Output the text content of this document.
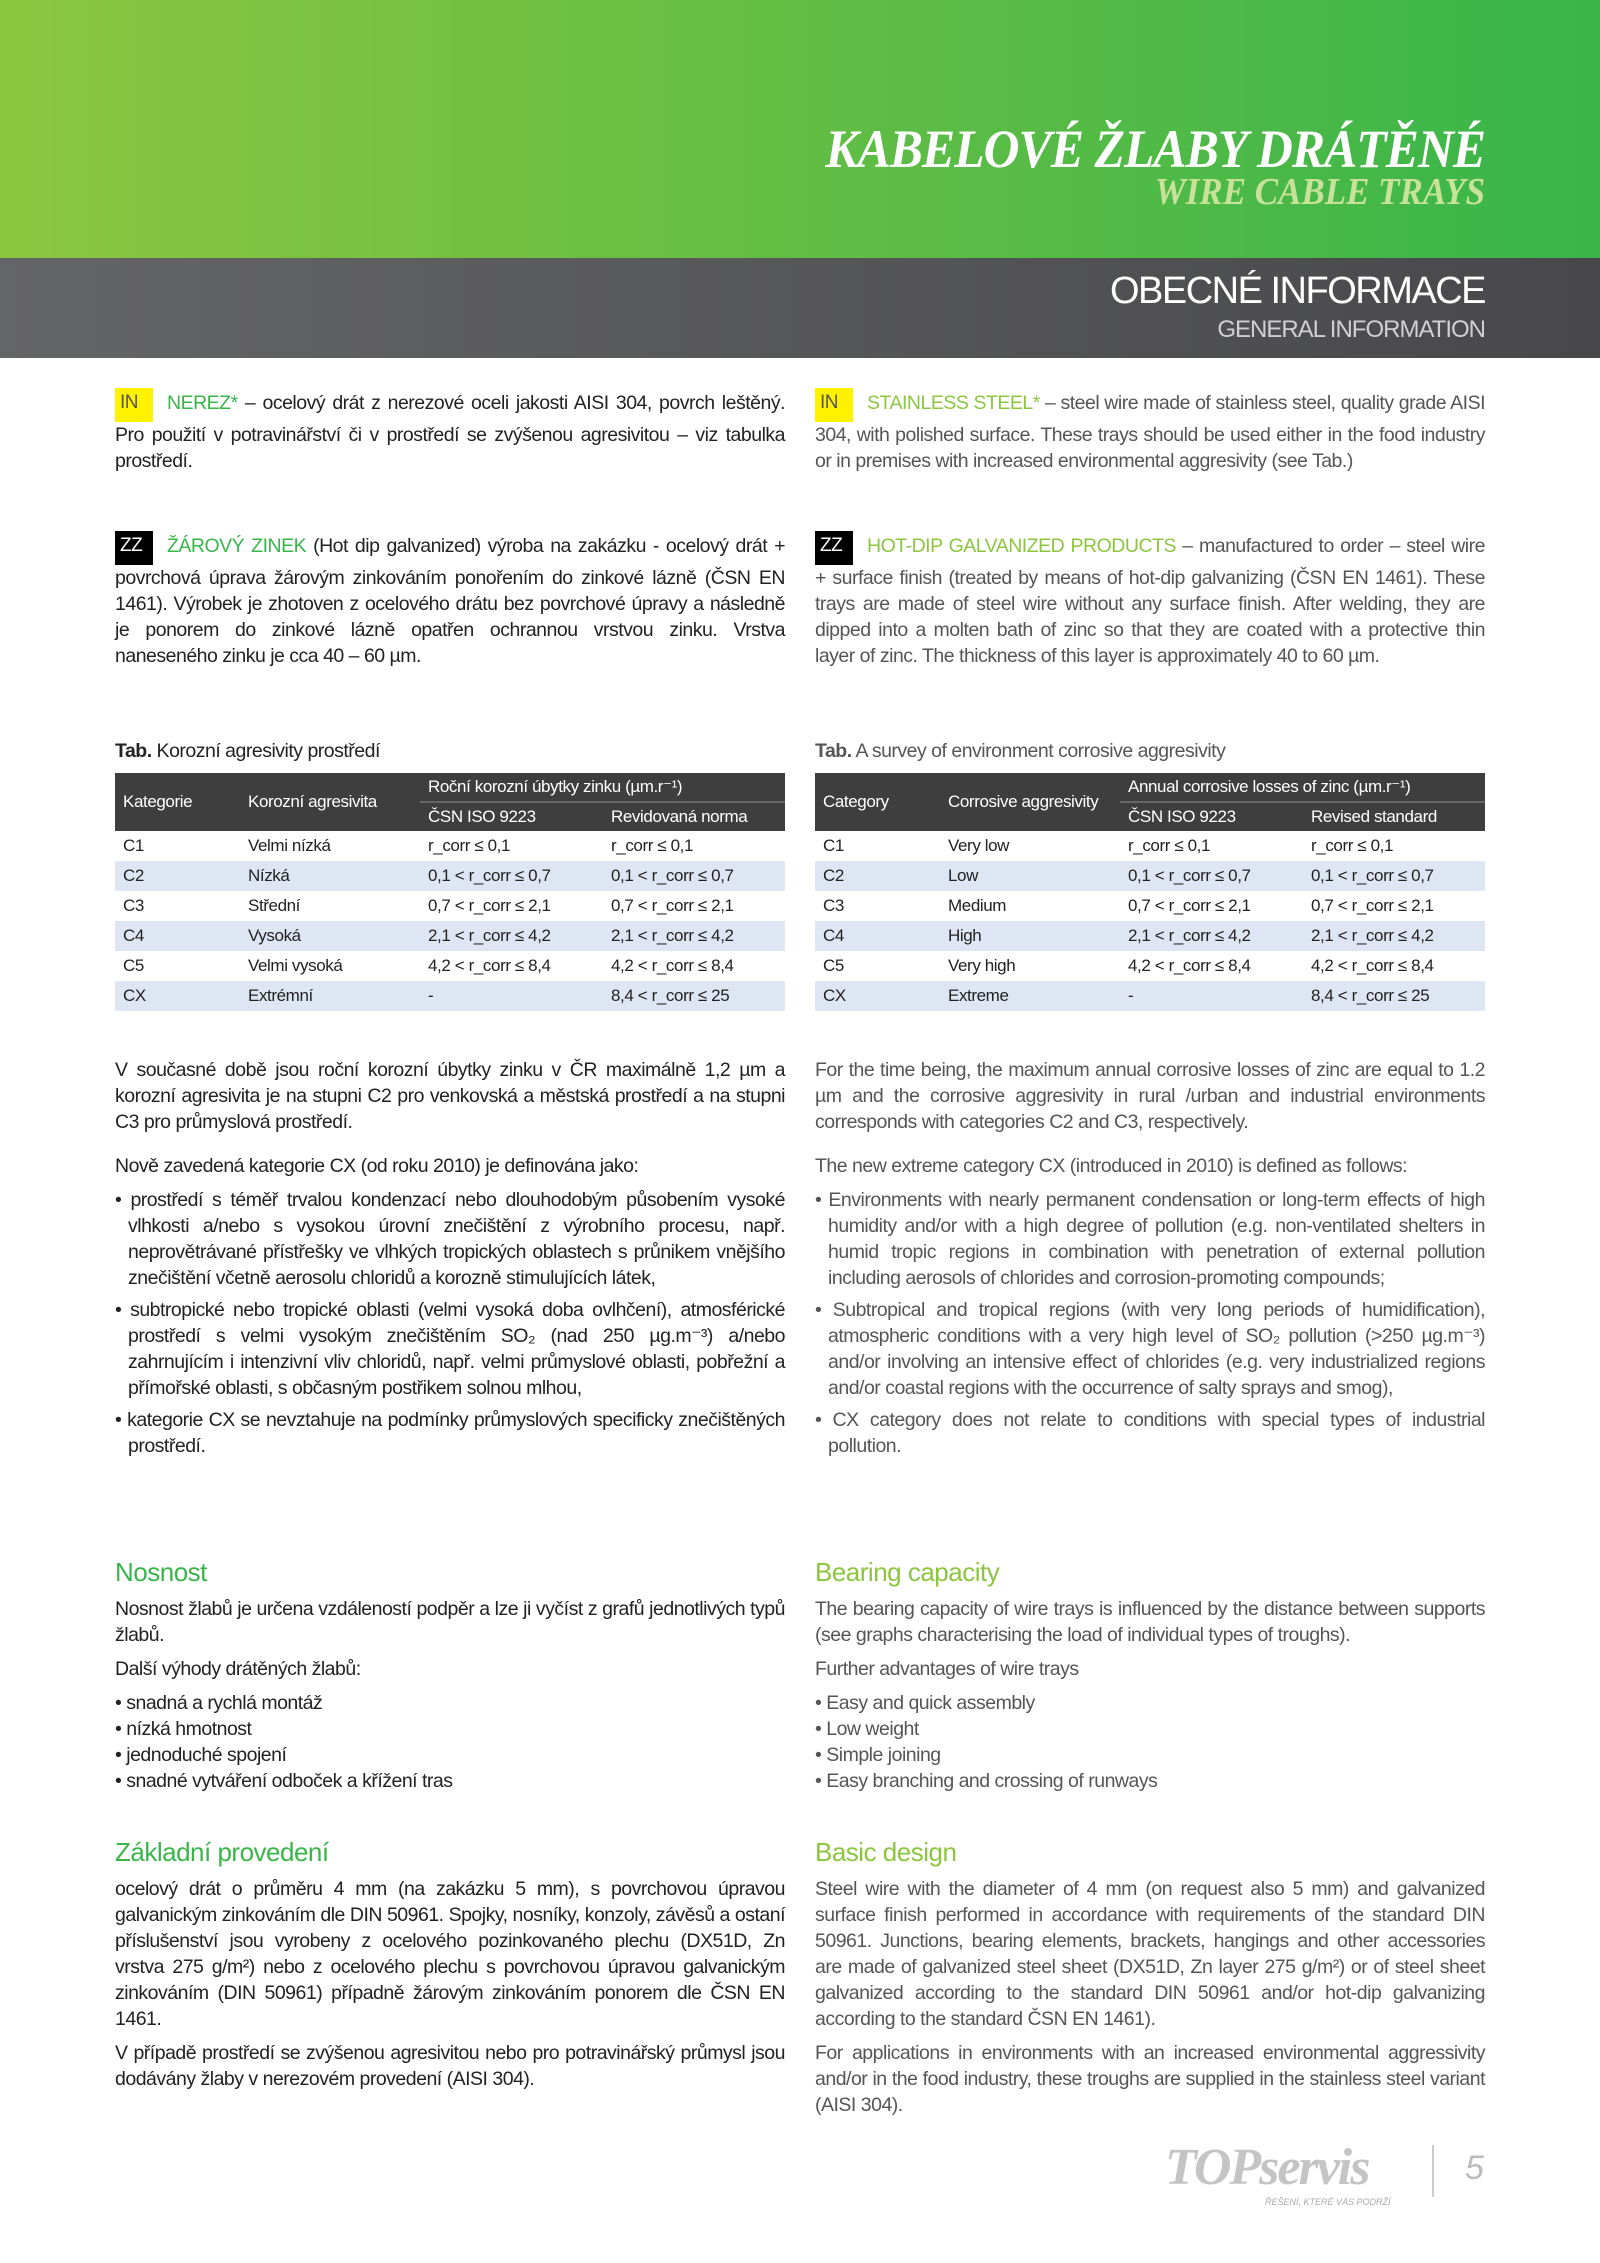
KABELOVÉ ŽLABY DRÁTĚNÉ
WIRE CABLE TRAYS
OBECNÉ INFORMACE
GENERAL INFORMATION
IN NEREZ* – ocelový drát z nerezové oceli jakosti AISI 304, povrch leštěný. Pro použití v potravinářství či v prostředí se zvýšenou agresivitou – viz tabulka prostředí.
ZZ ŽÁROVÝ ZINEK (Hot dip galvanized) výroba na zakázku - ocelový drát + povrchová úprava žárovým zinkováním ponořením do zinkové lázně (ČSN EN 1461). Výrobek je zhotoven z ocelového drátu bez povrchové úpravy a následně je ponorem do zinkové lázně opatřen ochrannou vrstvou zinku. Vrstva naneseného zinku je cca 40 – 60 µm.
Tab. Korozní agresivity prostředí
Kategorie	Korozní agresivita	Roční korozní úbytky zinku (µm.r⁻¹)	
		ČSN ISO 9223	Revidovaná norma
C1	Velmi nízká	r_corr ≤ 0,1	r_corr ≤ 0,1
C2	Nízká	0,1 < r_corr ≤ 0,7	0,1 < r_corr ≤ 0,7
C3	Střední	0,7 < r_corr ≤ 2,1	0,7 < r_corr ≤ 2,1
C4	Vysoká	2,1 < r_corr ≤ 4,2	2,1 < r_corr ≤ 4,2
C5	Velmi vysoká	4,2 < r_corr ≤ 8,4	4,2 < r_corr ≤ 8,4
CX	Extrémní	-	8,4 < r_corr ≤ 25

V současné době jsou roční korozní úbytky zinku v ČR maximálně 1,2 µm a korozní agresivita je na stupni C2 pro venkovská a městská prostředí a na stupni C3 pro průmyslová prostředí.

Nově zavedená kategorie CX (od roku 2010) je definována jako:

• prostředí s téměř trvalou kondenzací nebo dlouhodobým působením vysoké vlhkosti a/nebo s vysokou úrovní znečištění z výrobního procesu, např. neprovětrávané přístřešky ve vlhkých tropických oblastech s průnikem vnějšího znečištění včetně aerosolu chloridů a korozně stimulujících látek,
• subtropické nebo tropické oblasti (velmi vysoká doba ovlhčení), atmosférické prostředí s velmi vysokým znečištěním SO₂ (nad 250 µg.m⁻³) a/nebo zahrnujícím i intenzivní vliv chloridů, např. velmi průmyslové oblasti, pobřežní a přímořské oblasti, s občasným postřikem solnou mlhou,
• kategorie CX se nevztahuje na podmínky průmyslových specificky znečištěných prostředí.
Nosnost

Nosnost žlabů je určena vzdáleností podpěr a lze ji vyčíst z grafů jednotlivých typů žlabů.

Další výhody drátěných žlabů:

• snadná a rychlá montáž
• nízká hmotnost
• jednoduché spojení
• snadné vytváření odboček a křížení tras
Základní provedení

ocelový drát o průměru 4 mm (na zakázku 5 mm), s povrchovou úpravou galvanickým zinkováním dle DIN 50961. Spojky, nosníky, konzoly, závěsů a ostaní příslušenství jsou vyrobeny z ocelového pozinkovaného plechu (DX51D, Zn vrstva 275 g/m²) nebo z ocelového plechu s povrchovou úpravou galvanickým zinkováním (DIN 50961) případně žárovým zinkováním ponorem dle ČSN EN 1461.

V případě prostředí se zvýšenou agresivitou nebo pro potravinářský průmysl jsou dodávány žlaby v nerezovém provedení (AISI 304).

IN STAINLESS STEEL* – steel wire made of stainless steel, quality grade AISI 304, with polished surface. These trays should be used either in the food industry or in premises with increased environmental aggresivity (see Tab.)
ZZ HOT-DIP GALVANIZED PRODUCTS – manufactured to order – steel wire + surface finish (treated by means of hot-dip galvanizing (ČSN EN 1461). These trays are made of steel wire without any surface finish. After welding, they are dipped into a molten bath of zinc so that they are coated with a protective thin layer of zinc. The thickness of this layer is approximately 40 to 60 µm.
Tab. A survey of environment corrosive aggresivity
Category	Corrosive aggresivity	Annual corrosive losses of zinc (µm.r⁻¹)	
		ČSN ISO 9223	Revised standard
C1	Very low	r_corr ≤ 0,1	r_corr ≤ 0,1
C2	Low	0,1 < r_corr ≤ 0,7	0,1 < r_corr ≤ 0,7
C3	Medium	0,7 < r_corr ≤ 2,1	0,7 < r_corr ≤ 2,1
C4	High	2,1 < r_corr ≤ 4,2	2,1 < r_corr ≤ 4,2
C5	Very high	4,2 < r_corr ≤ 8,4	4,2 < r_corr ≤ 8,4
CX	Extreme	-	8,4 < r_corr ≤ 25

For the time being, the maximum annual corrosive losses of zinc are equal to 1.2 µm and the corrosive aggresivity in rural /urban and industrial environments corresponds with categories C2 and C3, respectively.

The new extreme category CX (introduced in 2010) is defined as follows:

• Environments with nearly permanent condensation or long-term effects of high humidity and/or with a high degree of pollution (e.g. non-ventilated shelters in humid tropic regions in combination with penetration of external pollution including aerosols of chlorides and corrosion-promoting compounds;
• Subtropical and tropical regions (with very long periods of humidification), atmospheric conditions with a very high level of SO₂ pollution (>250 µg.m⁻³) and/or involving an intensive effect of chlorides (e.g. very industrialized regions and/or coastal regions with the occurrence of salty sprays and smog),
• CX category does not relate to conditions with special types of industrial pollution.
Bearing capacity

The bearing capacity of wire trays is influenced by the distance between supports (see graphs characterising the load of individual types of troughs).

Further advantages of wire trays

• Easy and quick assembly
• Low weight
• Simple joining
• Easy branching and crossing of runways
Basic design

Steel wire with the diameter of 4 mm (on request also 5 mm) and galvanized surface finish performed in accordance with requirements of the standard DIN 50961. Junctions, bearing elements, brackets, hangings and other accessories are made of galvanized steel sheet (DX51D, Zn layer 275 g/m²) or of steel sheet galvanized according to the standard DIN 50961 and/or hot-dip galvanizing according to the standard ČSN EN 1461).

For applications in environments with an increased environmental aggressivity and/or in the food industry, these troughs are supplied in the stainless steel variant (AISI 304).

TOPservis
ŘEŠENÍ, KTERÉ VÁS PODRŽÍ
5
